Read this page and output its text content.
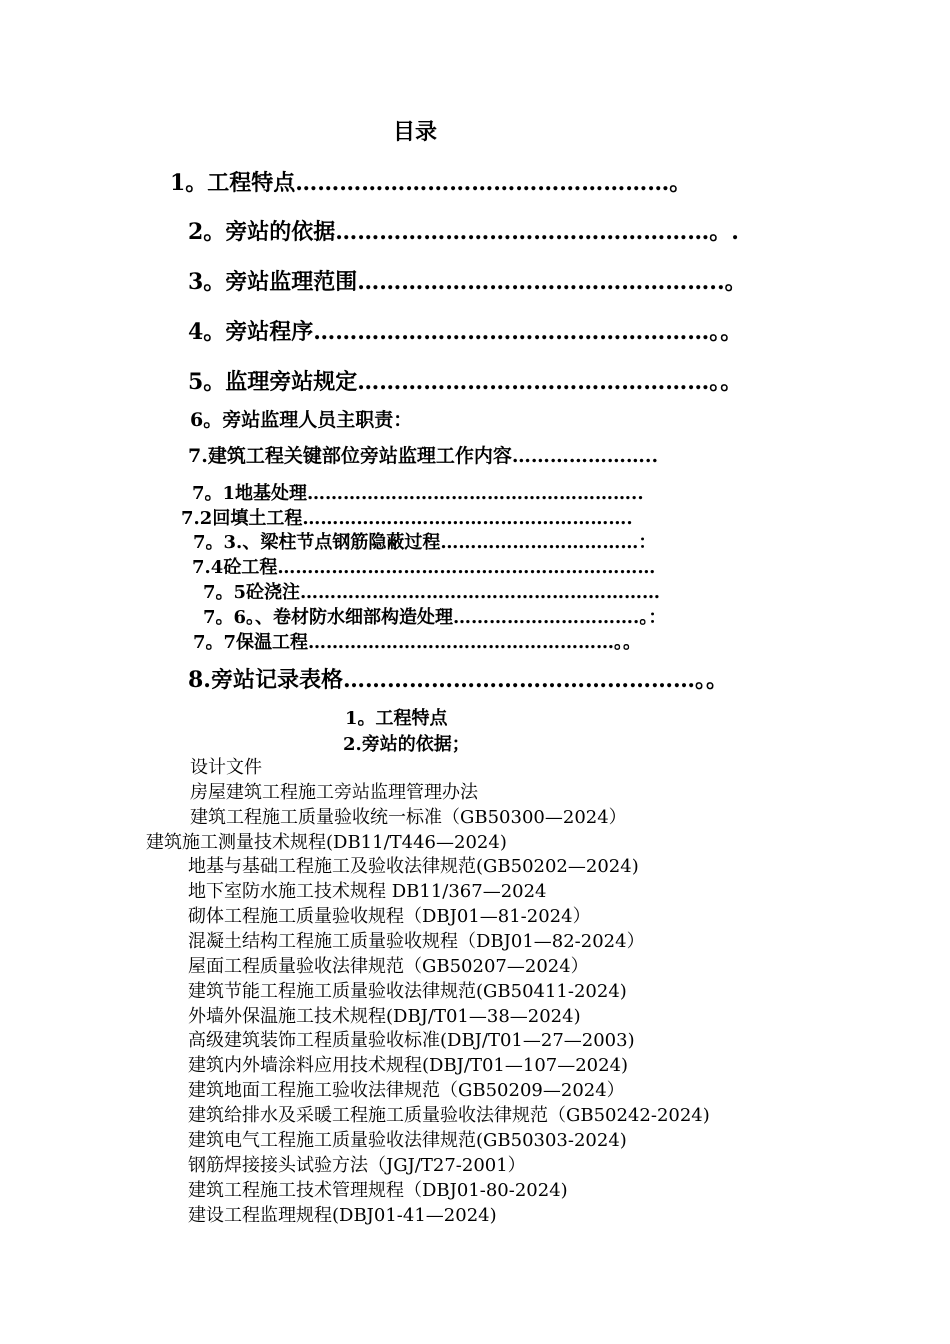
目录
1。工程特点……………………………………………。
2。旁站的依据……………………………………………。.
3。旁站监理范围…………………………………………..。
4。旁站程序………………………………………………。。
5。监理旁站规定…………………………………………。。
6。旁站监理人员主职责：
7.建筑工程关键部位旁站监理工作内容…………………..
7。1地基处理………………………………………………..
7.2回填土工程……………………………………………….
7。3.、梁柱节点钢筋隐蔽过程……………………………：
7.4砼工程………………………………………………………
7。5砼浇注……………………………………………………
7。6。、卷材防水细部构造处理………………………….。：
7。7保温工程……………………………………………。。
8.旁站记录表格…………………………………………。。
1。工程特点
2.旁站的依据；
设计文件
房屋建筑工程施工旁站监理管理办法
建筑工程施工质量验收统一标准（GB50300—2024）
建筑施工测量技术规程(DB11/T446—2024)
地基与基础工程施工及验收法律规范(GB50202—2024)
地下室防水施工技术规程 DB11/367—2024
砌体工程施工质量验收规程（DBJ01—81-2024）
混凝土结构工程施工质量验收规程（DBJ01—82-2024）
屋面工程质量验收法律规范（GB50207—2024）
建筑节能工程施工质量验收法律规范(GB50411-2024)
外墙外保温施工技术规程(DBJ/T01—38—2024)
高级建筑装饰工程质量验收标准(DBJ/T01—27—2003)
建筑内外墙涂料应用技术规程(DBJ/T01—107—2024)
建筑地面工程施工验收法律规范（GB50209—2024）
建筑给排水及采暖工程施工质量验收法律规范（GB50242-2024)
建筑电气工程施工质量验收法律规范(GB50303-2024)
钢筋焊接接头试验方法（JGJ/T27-2001）
建筑工程施工技术管理规程（DBJ01-80-2024)
建设工程监理规程(DBJ01-41—2024)
